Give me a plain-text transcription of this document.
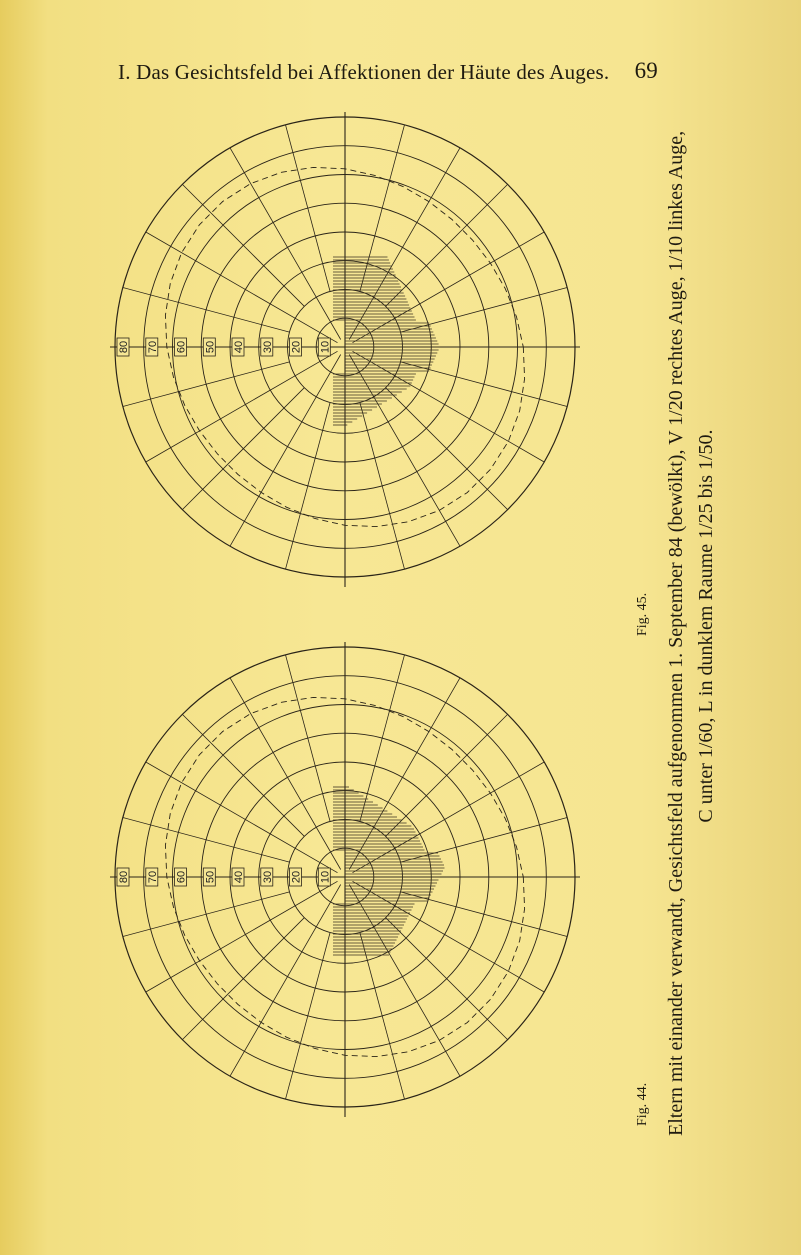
I. Das Gesichtsfeld bei Affektionen der Häute des Auges. 69
80 70 60 50 40 30 20 10
80 70 60 50 40 30 20 10
Fig. 44.
Fig. 45. Eltern mit einander verwandt, Gesichtsfeld aufgenommen 1. September 84 (bewölkt), V 1/20 rechtes Auge, 1/10 linkes Auge, C unter 1/60, L in dunklem Raume 1/25 bis 1/50.
